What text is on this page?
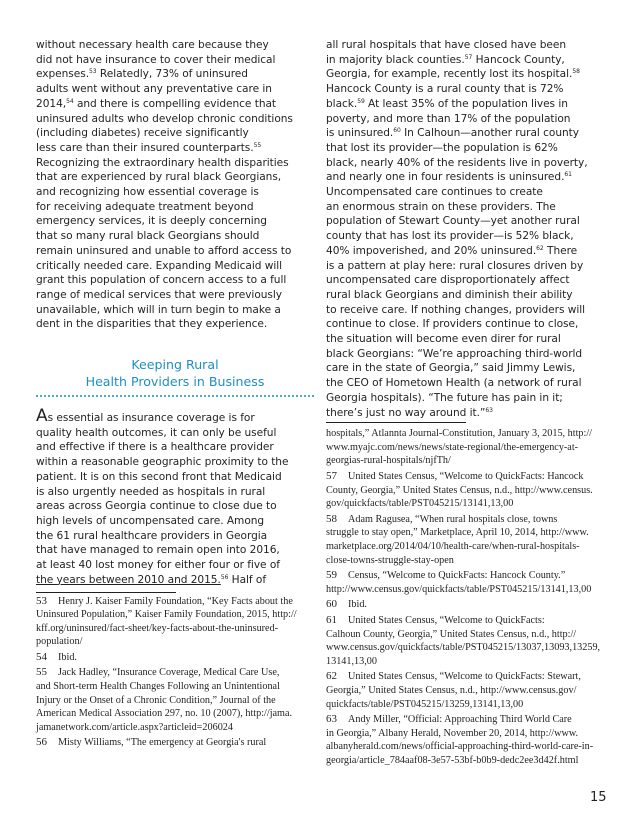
without necessary health care because they
did not have insurance to cover their medical
expenses.$^{53}$ Relatedly, 73% of uninsured
adults went without any preventative care in
2014,54 and there is compelling evidence that
uninsured adults who develop chronic conditions
(including diabetes) receive significantly
less care than their insured counterparts.$^{55}$
Recognizing the extraordinary health disparities
that are experienced by rural black Georgians,
and recognizing how essential coverage is
for receiving adequate treatment beyond
emergency services, it is deeply concerning
that so many rural black Georgians should
remain uninsured and unable to afford access to
critically needed care. Expanding Medicaid will
grant this population of concern access to a full
range of medical services that were previously
unavailable, which will in turn begin to make a
dent in the disparities that they experience.

Keeping Rural
Health Providers in Business

As essential as insurance coverage is for
quality health outcomes, it can only be useful
and effective if there is a healthcare provider
within a reasonable geographic proximity to the
patient. It is on this second front that Medicaid
is also urgently needed as hospitals in rural
areas across Georgia continue to close due to
high levels of uncompensated care. Among
the 61 rural healthcare providers in Georgia
that have managed to remain open into 2016,
at least 40 lost money for either four or five of
the years between 2010 and 2015.56 Half of

53 Henry J. Kaiser Family Foundation, “Key Facts about the
Uninsured Population,” Kaiser Family Foundation, 2015, http://
kff.org/uninsured/fact-sheet/key-facts-about-the-uninsured-
population/

54 Ibid.

55 Jack Hadley, “Insurance Coverage, Medical Care Use,
and Short-term Health Changes Following an Unintentional
Injury or the Onset of a Chronic Condition,” Journal of the
American Medical Association 297, no. 10 (2007), http://jama.
jamanetwork.com/article.aspx?articleid=206024

56 Misty Williams, “The emergency at Georgia's rural

all rural hospitals that have closed have been
in majority black counties.$^{57}$ Hancock County,
Georgia, for example, recently lost its hospital.$^{58}$
Hancock County is a rural county that is 72%
black.$^{59}$ At least 35% of the population lives in
poverty, and more than 17% of the population
is uninsured.$^{60}$ In Calhoun—another rural county
that lost its provider—the population is 62%
black, nearly 40% of the residents live in poverty,
and nearly one in four residents is uninsured.$^{61}$
Uncompensated care continues to create
an enormous strain on these providers. The
population of Stewart County—yet another rural
county that has lost its provider—is 52% black,
40% impoverished, and 20% uninsured.$^{62}$ There
is a pattern at play here: rural closures driven by
uncompensated care disproportionately affect
rural black Georgians and diminish their ability
to receive care. If nothing changes, providers will
continue to close. If providers continue to close,
the situation will become even direr for rural
black Georgians: “We’re approaching third-world
care in the state of Georgia,” said Jimmy Lewis,
the CEO of Hometown Health (a network of rural
Georgia hospitals). “The future has pain in it;
there’s just no way around it.”$^{63}$

hospitals,” Atlannta Journal-Constitution, January 3, 2015, http://
www.myajc.com/news/news/state-regional/the-emergency-at-
georgias-rural-hospitals/njfTh/

57 United States Census, “Welcome to QuickFacts: Hancock
County, Georgia,” United States Census, n.d., http://www.census.
gov/quickfacts/table/PST045215/13141,13,00

58 Adam Ragusea, “When rural hospitals close, towns
struggle to stay open,” Marketplace, April 10, 2014, http://www.
marketplace.org/2014/04/10/health-care/when-rural-hospitals-
close-towns-struggle-stay-open

59 Census, “Welcome to QuickFacts: Hancock County.”
http://www.census.gov/quickfacts/table/PST045215/13141,13,00

60 Ibid.

61 United States Census, “Welcome to QuickFacts:
Calhoun County, Georgia,” United States Census, n.d., http://
www.census.gov/quickfacts/table/PST045215/13037,13093,13259,
13141,13,00

62 United States Census, “Welcome to QuickFacts: Stewart,
Georgia,” United States Census, n.d., http://www.census.gov/
quickfacts/table/PST045215/13259,13141,13,00

63 Andy Miller, “Official: Approaching Third World Care
in Georgia,” Albany Herald, November 20, 2014, http://www.
albanyherald.com/news/official-approaching-third-world-care-in-
georgia/article_784aaf08-3e57-53bf-b0b9-dedc2ee3d42f.html

15
